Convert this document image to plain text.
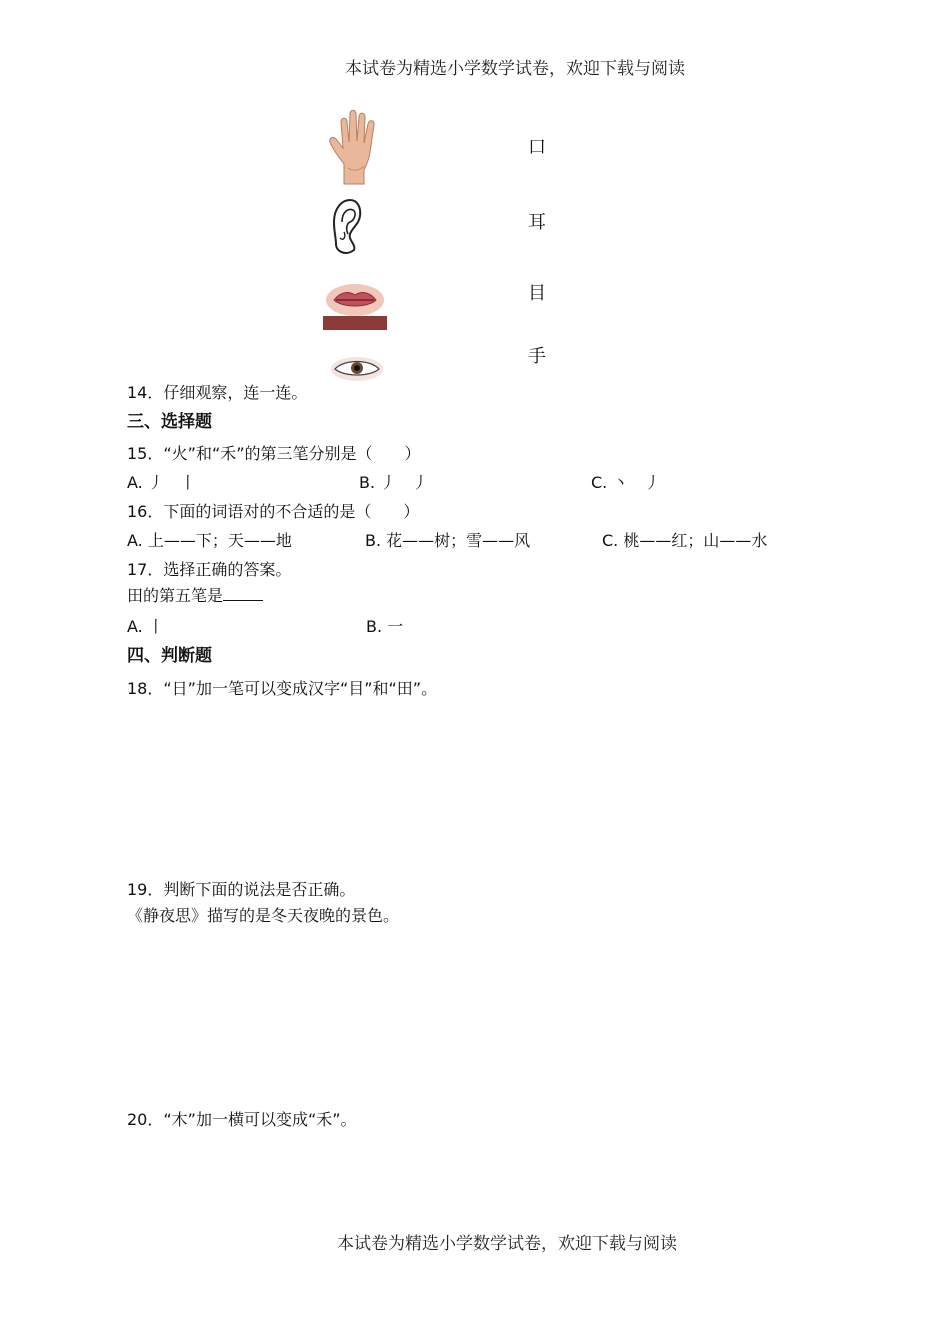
本试卷为精选小学数学试卷，欢迎下载与阅读
口
耳
目
手
14．仔细观察，连一连。
三、选择题
15．“火”和“禾”的第三笔分别是（　　）
A. 丿　丨	B. 丿　丿	C. 丶　丿
16．下面的词语对的不合适的是（　　）
A. 上——下；天——地	B. 花——树；雪——风	C. 桃——红；山——水
17．选择正确的答案。
田的第五笔是
A. 丨	B. 一
四、判断题
18．“日”加一笔可以变成汉字“目”和“田”。
19．判断下面的说法是否正确。
《静夜思》描写的是冬天夜晚的景色。
20．“木”加一横可以变成“禾”。
本试卷为精选小学数学试卷，欢迎下载与阅读
